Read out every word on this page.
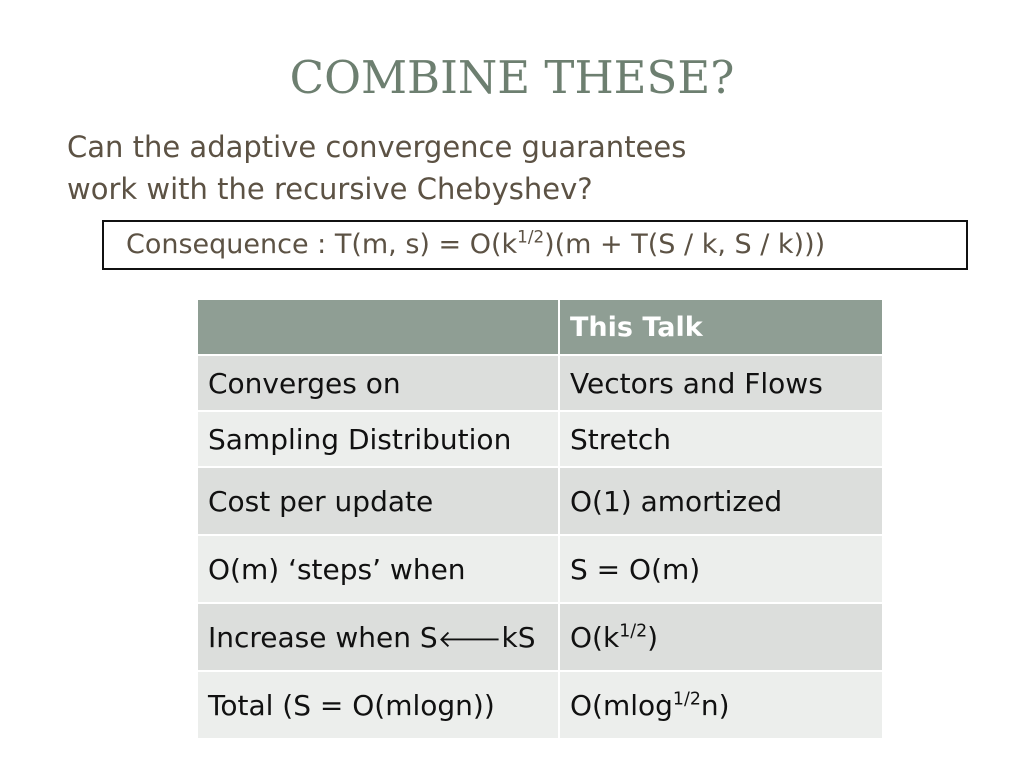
COMBINE THESE?
Can the adaptive convergence guarantees
work with the recursive Chebyshev?
Consequence : T(m, $s) = O(k^{1/2})(m + T(S / k$, S / k)))
	This Talk
Converges on	Vectors and Flows
Sampling Distribution	Stretch
Cost per update	O(1) amortized
O(m) ‘steps’ when	S = O(m)
Increase when S🡐kS	$O(k^{1/2})$
Total (S = O(mlogn))	O(mlog$^{1/2}$n)
